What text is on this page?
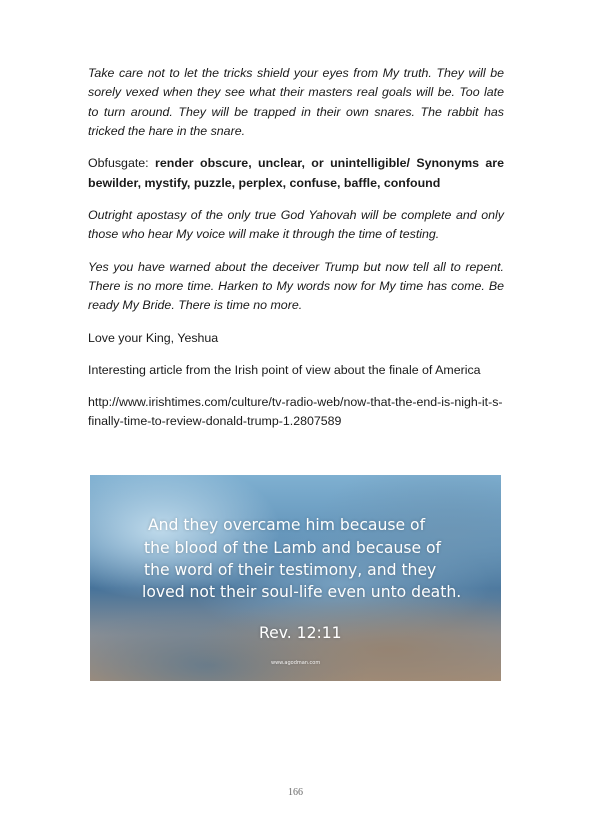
Take care not to let the tricks shield your eyes from My truth. They will be sorely vexed when they see what their masters real goals will be. Too late to turn around. They will be trapped in their own snares. The rabbit has tricked the hare in the snare.

Obfusgate: render obscure, unclear, or unintelligible/ Synonyms are bewilder, mystify, puzzle, perplex, confuse, baffle, confound

Outright apostasy of the only true God Yahovah will be complete and only those who hear My voice will make it through the time of testing.

Yes you have warned about the deceiver Trump but now tell all to repent. There is no more time. Harken to My words now for My time has come. Be ready My Bride. There is time no more.

Love your King, Yeshua

Interesting article from the Irish point of view about the finale of America

http://www.irishtimes.com/culture/tv-radio-web/now-that-the-end-is-nigh-it-s-finally-time-to-review-donald-trump-1.2807589

And they overcame him because of
the blood of the Lamb and because of
the word of their testimony, and they
loved not their soul-life even unto death.
Rev. 12:11
www.agodman.com
166
